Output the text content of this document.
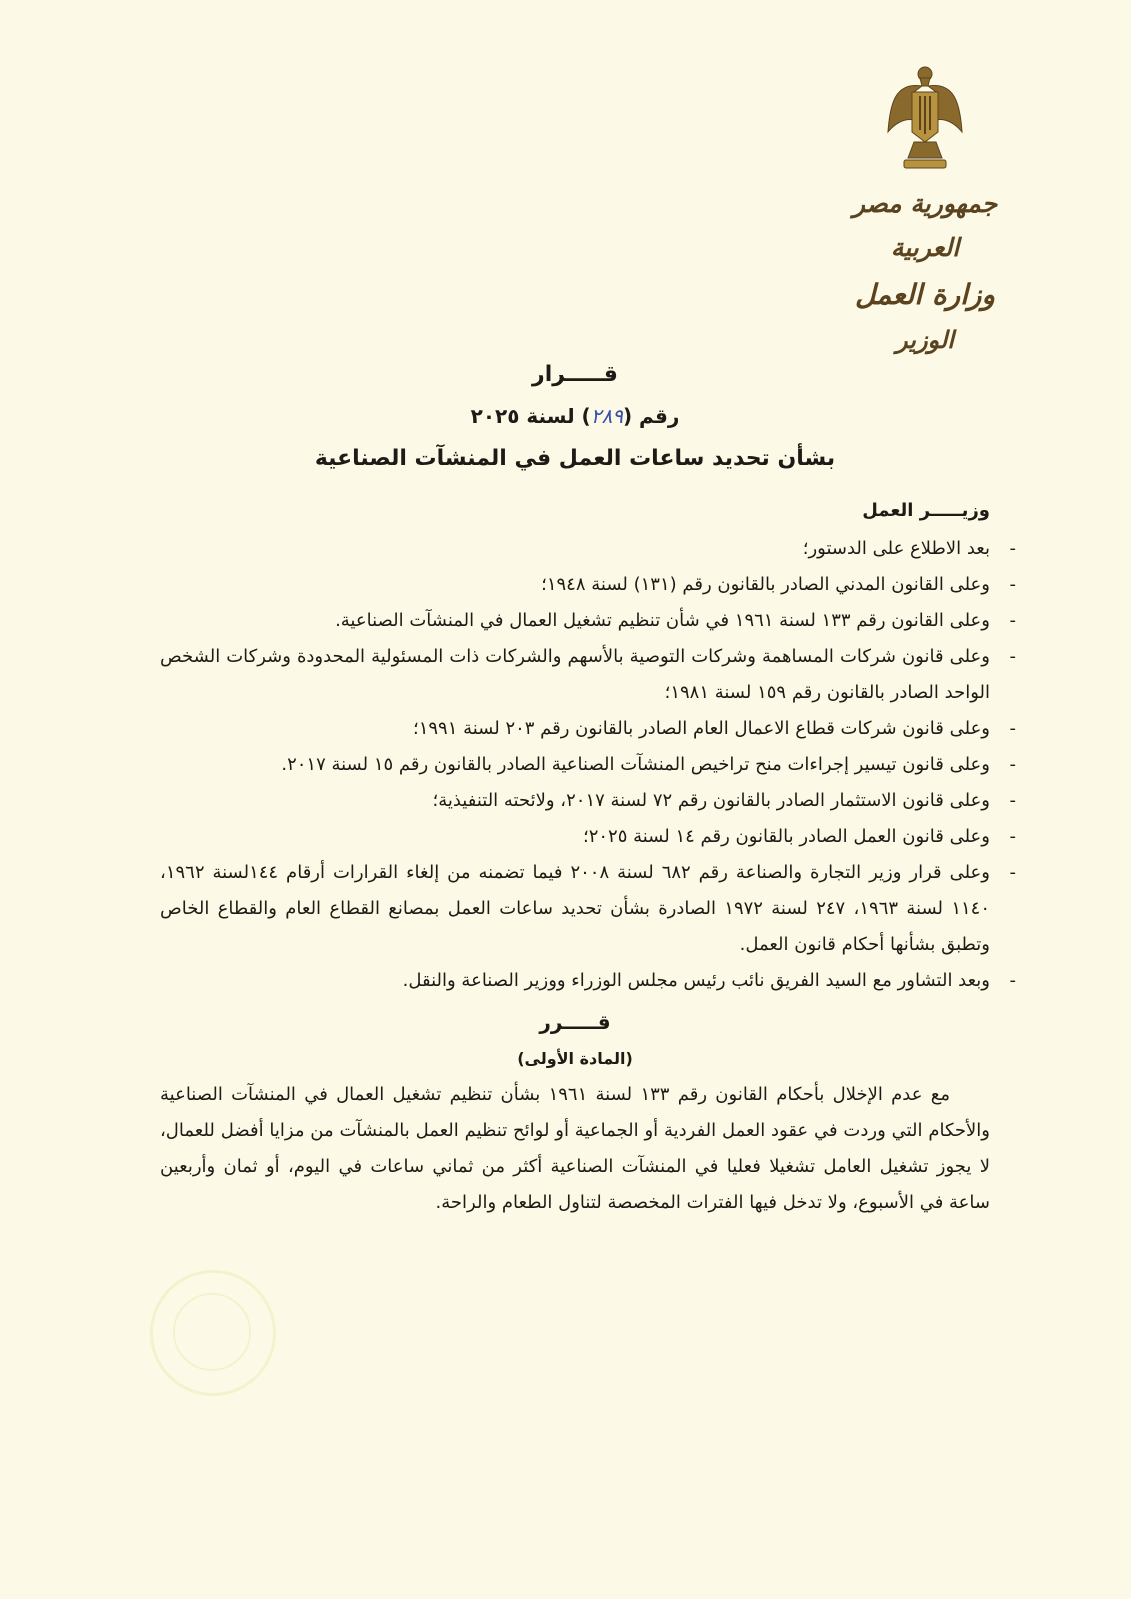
جمهورية مصر العربية
وزارة العمل
الوزير
قـــــرار
رقم (٢٨٩) لسنة ٢٠٢٥
بشأن تحديد ساعات العمل في المنشآت الصناعية
وزيـــــر العمل
-
بعد الاطلاع على الدستور؛
-
وعلى القانون المدني الصادر بالقانون رقم (١٣١) لسنة ١٩٤٨؛
-
وعلى القانون رقم ١٣٣ لسنة ١٩٦١ في شأن تنظيم تشغيل العمال في المنشآت الصناعية.
-
وعلى قانون شركات المساهمة وشركات التوصية بالأسهم والشركات ذات المسئولية المحدودة وشركات الشخص الواحد الصادر بالقانون رقم ١٥٩ لسنة ١٩٨١؛
-
وعلى قانون شركات قطاع الاعمال العام الصادر بالقانون رقم ٢٠٣ لسنة ١٩٩١؛
-
وعلى قانون تيسير إجراءات منح تراخيص المنشآت الصناعية الصادر بالقانون رقم ١٥ لسنة ٢٠١٧.
-
وعلى قانون الاستثمار الصادر بالقانون رقم ٧٢ لسنة ٢٠١٧، ولائحته التنفيذية؛
-
وعلى قانون العمل الصادر بالقانون رقم ١٤ لسنة ٢٠٢٥؛
-
وعلى قرار وزير التجارة والصناعة رقم ٦٨٢ لسنة ٢٠٠٨ فيما تضمنه من إلغاء القرارات أرقام ١٤٤لسنة ١٩٦٢، ١١٤٠ لسنة ١٩٦٣، ٢٤٧ لسنة ١٩٧٢ الصادرة بشأن تحديد ساعات العمل بمصانع القطاع العام والقطاع الخاص وتطبق بشأنها أحكام قانون العمل.
-
وبعد التشاور مع السيد الفريق نائب رئيس مجلس الوزراء ووزير الصناعة والنقل.
قـــــرر
(المادة الأولى)
مع عدم الإخلال بأحكام القانون رقم ١٣٣ لسنة ١٩٦١ بشأن تنظيم تشغيل العمال في المنشآت الصناعية والأحكام التي وردت في عقود العمل الفردية أو الجماعية أو لوائح تنظيم العمل بالمنشآت من مزايا أفضل للعمال، لا يجوز تشغيل العامل تشغيلا فعليا في المنشآت الصناعية أكثر من ثماني ساعات في اليوم، أو ثمان وأربعين ساعة في الأسبوع، ولا تدخل فيها الفترات المخصصة لتناول الطعام والراحة.
